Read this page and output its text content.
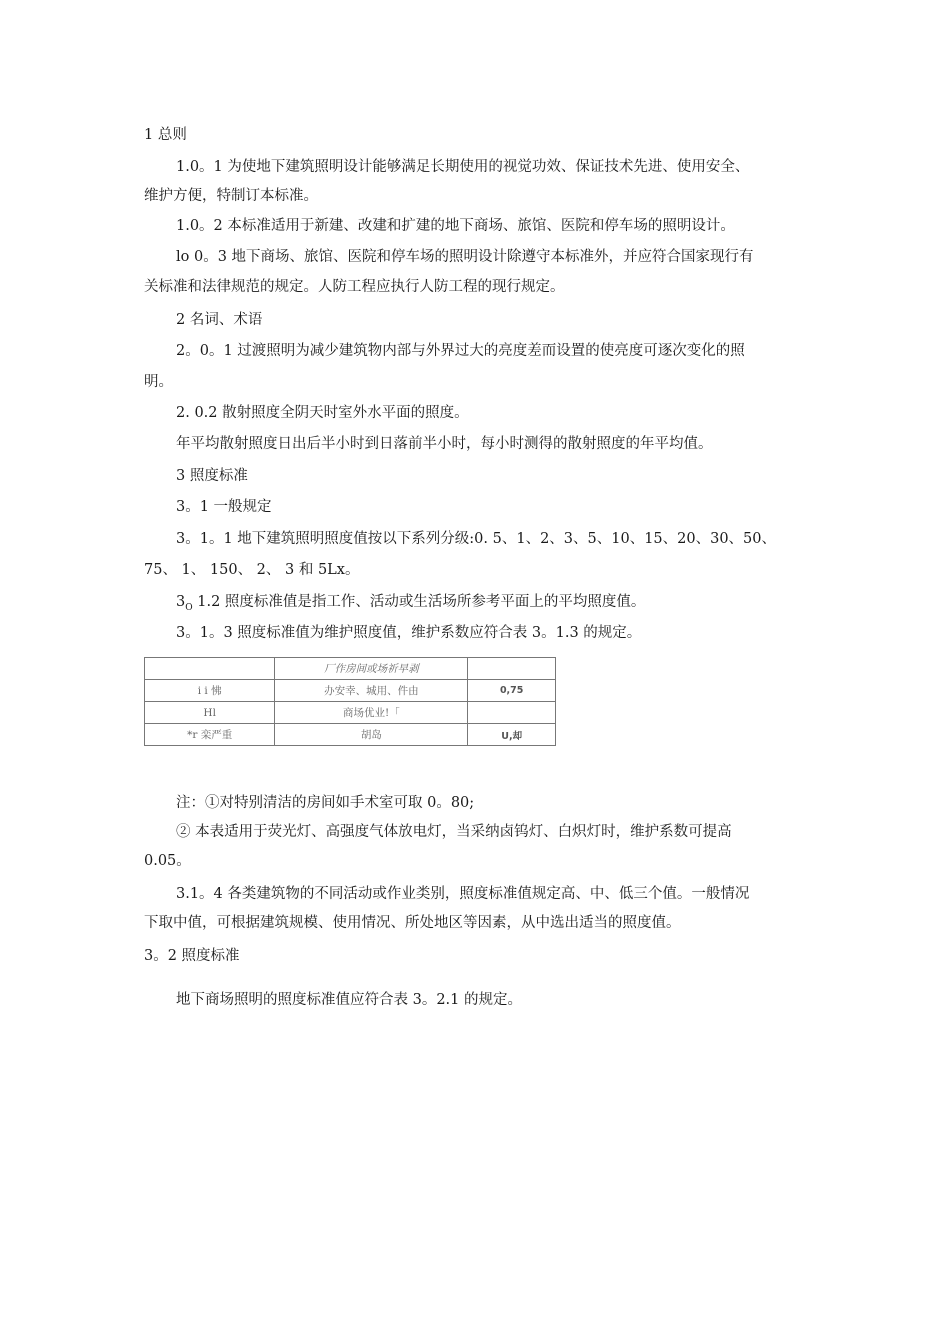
1 总则

1.0。1 为使地下建筑照明设计能够满足长期使用的视觉功效、保证技术先进、使用安全、

维护方便，特制订本标准。

1.0。2 本标准适用于新建、改建和扩建的地下商场、旅馆、医院和停车场的照明设计。

lo 0。3 地下商场、旅馆、医院和停车场的照明设计除遵守本标准外，并应符合国家现行有

关标准和法律规范的规定。人防工程应执行人防工程的现行规定。

2 名词、术语

2。0。1 过渡照明为减少建筑物内部与外界过大的亮度差而设置的使亮度可逐次变化的照

明。

2. 0.2 散射照度全阴天时室外水平面的照度。

年平均散射照度日出后半小时到日落前半小时，每小时测得的散射照度的年平均值。

3 照度标准

3。1 一般规定

3。1。1 地下建筑照明照度值按以下系列分级:0. 5、1、2、3、5、10、15、20、30、50、

75、 1、 150、 2、 3 和 5Lx。

$3_O$ 1.2 照度标准值是指工作、活动或生活场所参考平面上的平均照度值。

3。1。3 照度标准值为维护照度值，维护系数应符合表 3。1.3 的规定。

	厂作房间或场祈早剥	
i i 怫	办安幸、城用、件由	0,75
Hl	商场优业!「	
*r 栾严重	胡岛	U,却

注：①对特别清洁的房间如手术室可取 0。80;

② 本表适用于荧光灯、高强度气体放电灯，当采纳卤钨灯、白炽灯时，维护系数可提高

0.05。

3.1。4 各类建筑物的不同活动或作业类别，照度标准值规定高、中、低三个值。一般情况

下取中值，可根据建筑规模、使用情况、所处地区等因素，从中选出适当的照度值。

3。2 照度标准

地下商场照明的照度标准值应符合表 3。2.1 的规定。
